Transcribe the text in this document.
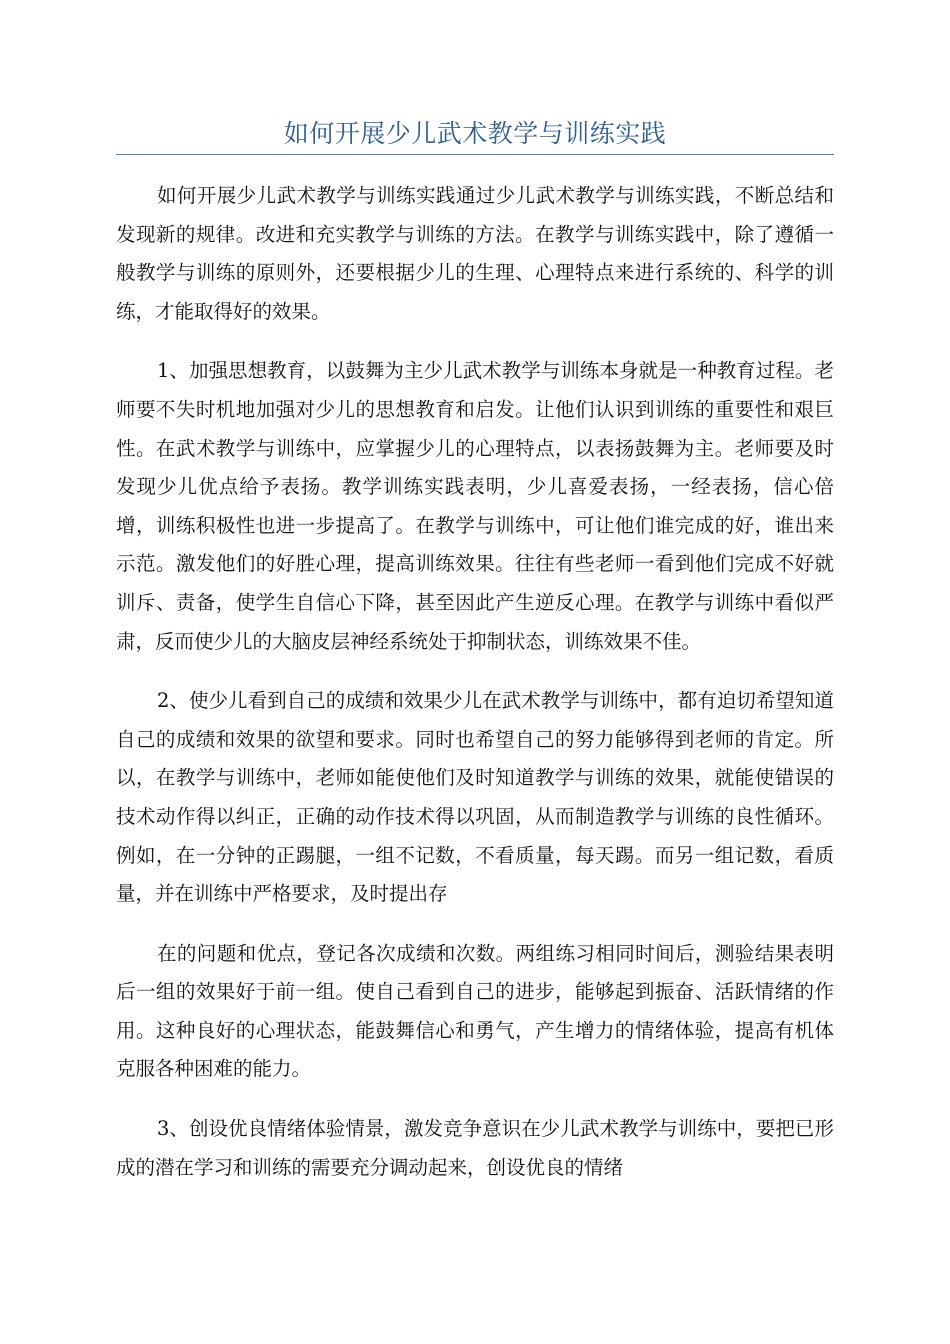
如何开展少儿武术教学与训练实践

如何开展少儿武术教学与训练实践通过少儿武术教学与训练实践，不断总结和发现新的规律。改进和充实教学与训练的方法。在教学与训练实践中，除了遵循一般教学与训练的原则外，还要根据少儿的生理、心理特点来进行系统的、科学的训练，才能取得好的效果。

1、加强思想教育，以鼓舞为主少儿武术教学与训练本身就是一种教育过程。老师要不失时机地加强对少儿的思想教育和启发。让他们认识到训练的重要性和艰巨性。在武术教学与训练中，应掌握少儿的心理特点，以表扬鼓舞为主。老师要及时发现少儿优点给予表扬。教学训练实践表明，少儿喜爱表扬，一经表扬，信心倍增，训练积极性也进一步提高了。在教学与训练中，可让他们谁完成的好，谁出来示范。激发他们的好胜心理，提高训练效果。往往有些老师一看到他们完成不好就训斥、责备，使学生自信心下降，甚至因此产生逆反心理。在教学与训练中看似严肃，反而使少儿的大脑皮层神经系统处于抑制状态，训练效果不佳。

2、使少儿看到自己的成绩和效果少儿在武术教学与训练中，都有迫切希望知道自己的成绩和效果的欲望和要求。同时也希望自己的努力能够得到老师的肯定。所以，在教学与训练中，老师如能使他们及时知道教学与训练的效果，就能使错误的技术动作得以纠正，正确的动作技术得以巩固，从而制造教学与训练的良性循环。例如，在一分钟的正踢腿，一组不记数，不看质量，每天踢。而另一组记数，看质量，并在训练中严格要求，及时提出存

在的问题和优点，登记各次成绩和次数。两组练习相同时间后，测验结果表明后一组的效果好于前一组。使自己看到自己的进步，能够起到振奋、活跃情绪的作用。这种良好的心理状态，能鼓舞信心和勇气，产生增力的情绪体验，提高有机体克服各种困难的能力。

3、创设优良情绪体验情景，激发竞争意识在少儿武术教学与训练中，要把已形成的潜在学习和训练的需要充分调动起来，创设优良的情绪
